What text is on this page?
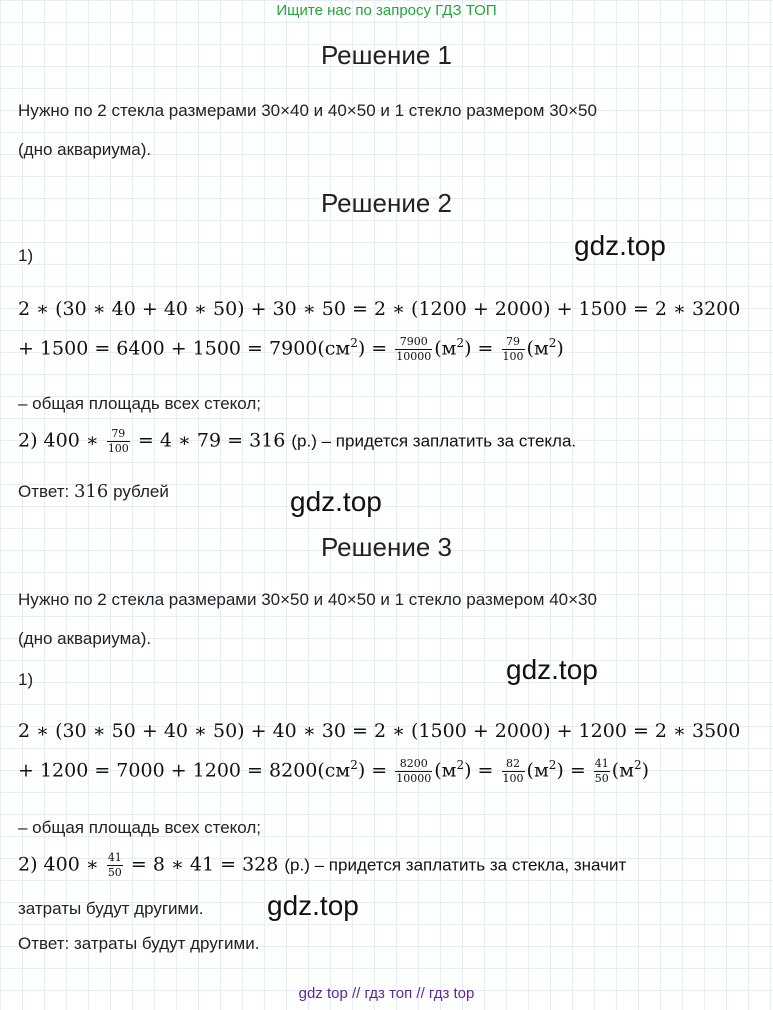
Ищите нас по запросу ГДЗ ТОП
Решение 1
Нужно по 2 стекла размерами 30×40 и 40×50 и 1 стекло размером 30×50
(дно аквариума).
Решение 2
1)	gdz.top
2 ∗ (30 ∗ 40 + 40 ∗ 50) + 30 ∗ 50 = 2 ∗ (1200 + 2000) + 1500 = 2 ∗ 3200
+ $1500 = 6400 + 1500 = 7900(см^2) = \frac{7900}{10000} (м^2) = \frac{79}{100} (м^2)$
– общая площадь всех стекол;
2) 400 ∗ $\frac{79}{100} = 4$ ∗ 79 = 316 (р.) – придется заплатить за стекла.
Ответ: 316 рублей	gdz.top
Решение 3
Нужно по 2 стекла размерами 30×50 и 40×50 и 1 стекло размером 40×30
(дно аквариума).
1)	gdz.top
2 ∗ (30 ∗ 50 + 40 ∗ 50) + 40 ∗ 30 = 2 ∗ (1500 + 2000) + 1200 = 2 ∗ 3500
+ $1200 = 7000 + 1200 = 8200(см^2) = \frac{8200}{10000} (м^2) = \frac{82}{100} (м^2) = \frac{41}{50} (м^2)$
– общая площадь всех стекол;
2) 400 ∗ $\frac{41}{50} = 8$ ∗ 41 = 328 (р.) – придется заплатить за стекла, значит
затраты будут другими. gdz.top
Ответ: затраты будут другими.
gdz top // гдз топ // гдз top
